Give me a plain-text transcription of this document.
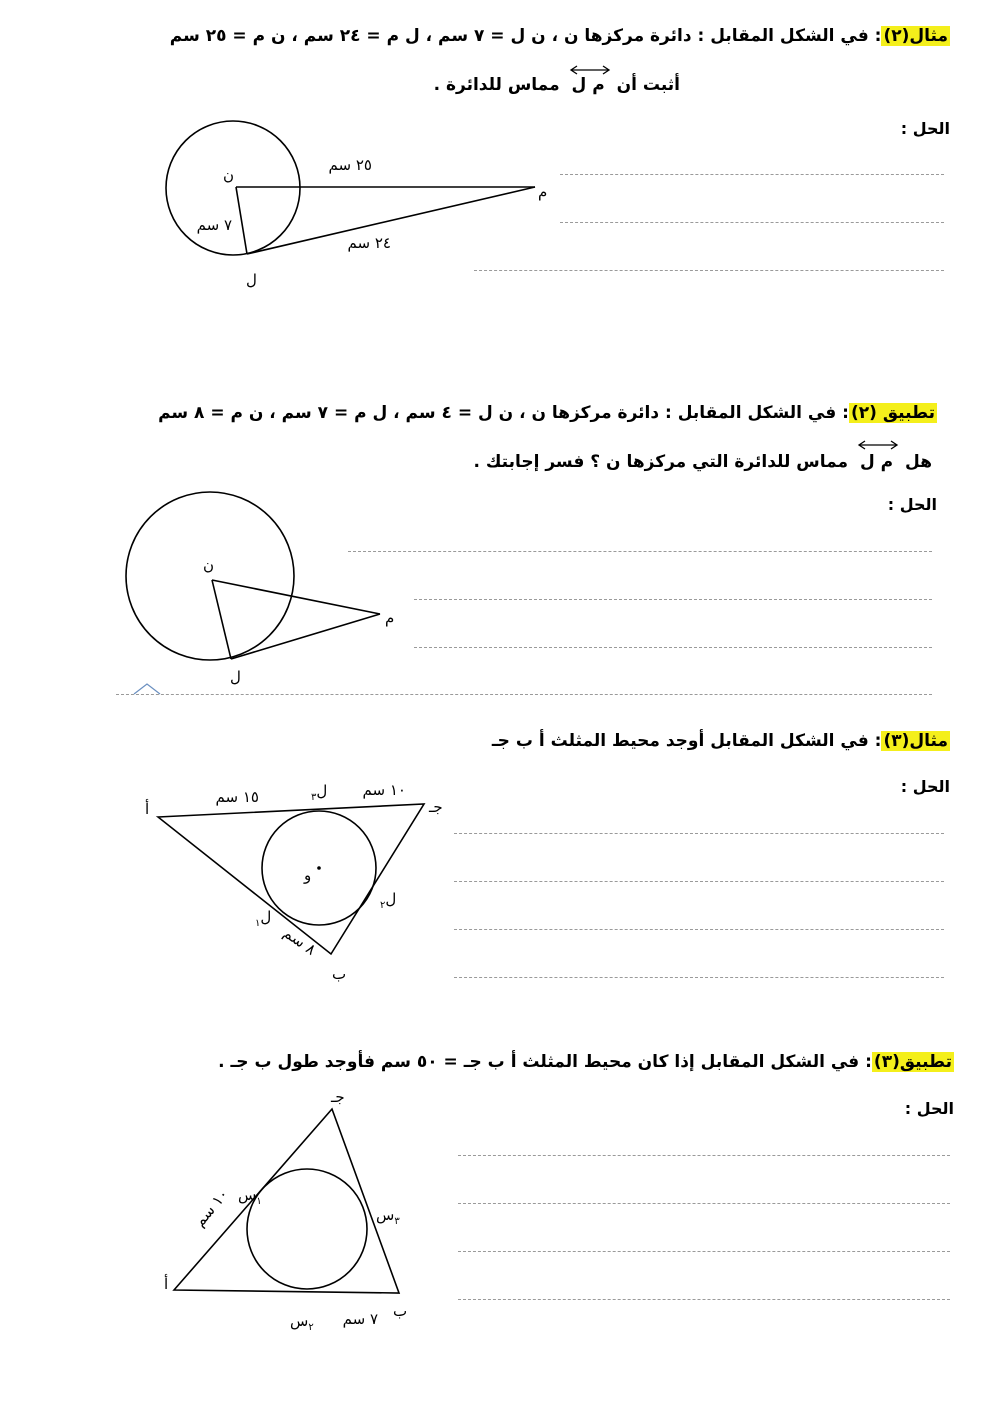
مثال(٢): في الشكل المقابل : دائرة مركزها ن ، ن ل = ٧ سم ، ل م = ٢٤ سم ، ن م = ٢٥ سم
أثبت أن
م ل مماس للدائرة .
الحل :
ن
م
ل
٧ سم
٢٥ سم
٢٤ سم
تطبيق (٢): في الشكل المقابل : دائرة مركزها ن ، ن ل = ٤ سم ، ل م = ٧ سم ، ن م = ٨ سم
هل
م ل مماس للدائرة التي مركزها ن ؟ فسر إجابتك .
الحل :
ن
م
ل
مثال(٣): في الشكل المقابل أوجد محيط المثلث أ ب جـ
الحل :
أ	جـ
ب
و
ل$_٣$
ل$_٢$
ل$_١$
١٥ سم	١٠ سم
٨ سم
تطبيق(٣): في الشكل المقابل إذا كان محيط المثلث أ ب جـ = ٥٠ سم فأوجد طول ب جـ .
الحل :
أ
جـ
ب
$_١$س
$_٣$س
$_٢$س
١٠ سم
٧ سم
